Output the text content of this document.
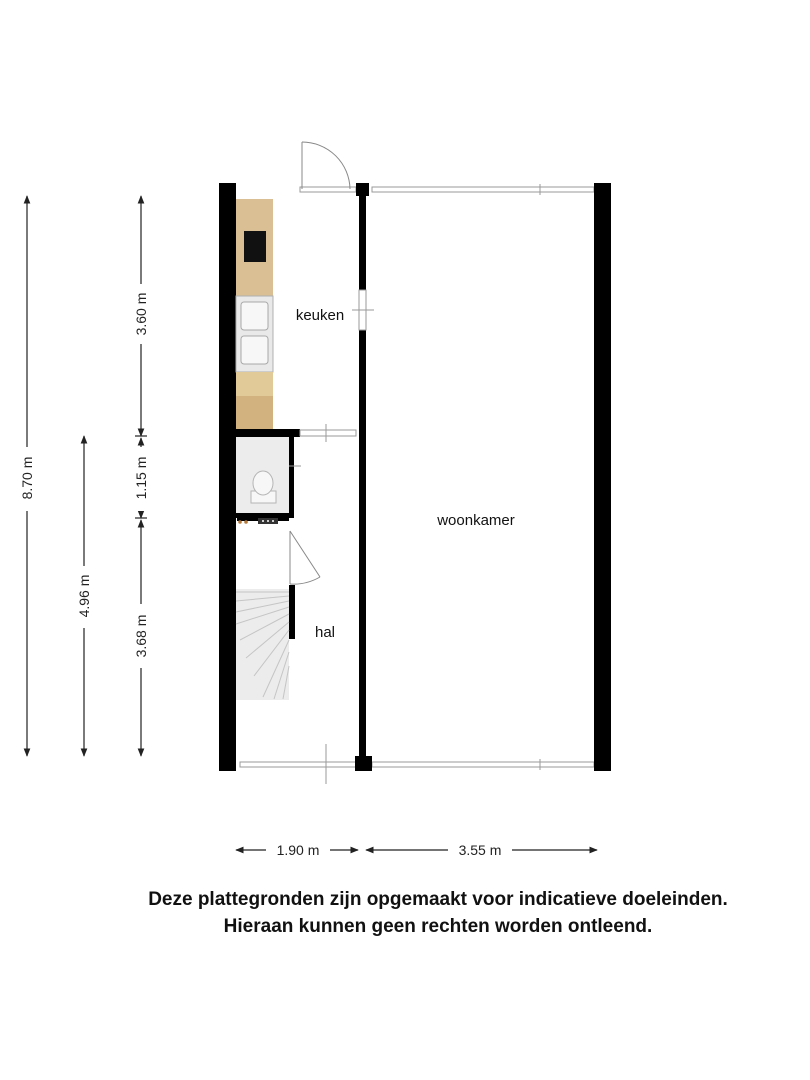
8.70 m
4.96 m
3.60 m
1.15 m
3.68 m
1.90 m	3.55 m
keuken
woonkamer
hal
Deze plattegronden zijn opgemaakt voor indicatieve doeleinden.
Hieraan kunnen geen rechten worden ontleend.
